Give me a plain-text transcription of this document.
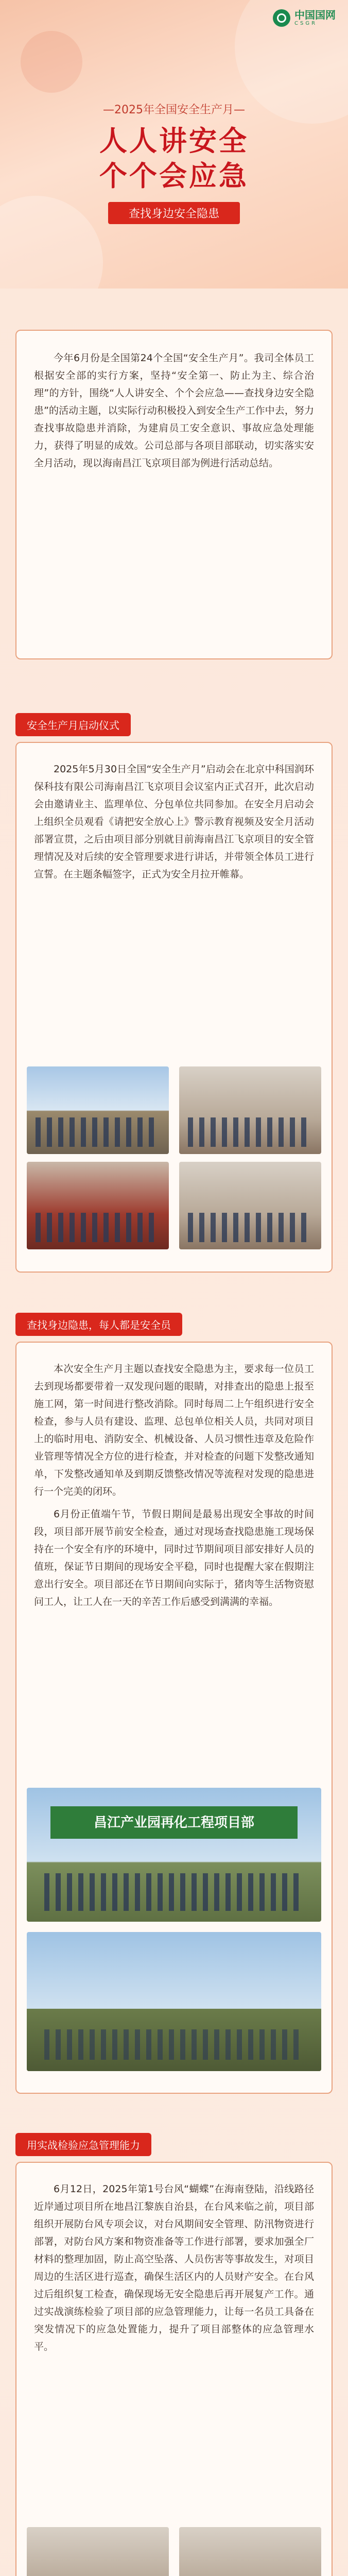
中国国网
CSGR
—2025年全国安全生产月—
人人讲安全
个个会应急
查找身边安全隐患

今年6月份是全国第24个全国“安全生产月”。我司全体员工根据安全部的实行方案，坚持“安全第一、防止为主、综合治理”的方针，围绕“人人讲安全、个个会应急——查找身边安全隐患”的活动主题，以实际行动积极投入到安全生产工作中去，努力查找事故隐患并消除，为建肩员工安全意识、事故应急处理能力，获得了明显的成效。公司总部与各项目部联动，切实落实安全月活动，现以海南昌江飞京项目部为例进行活动总结。

安全生产月启动仪式

2025年5月30日全国“安全生产月”启动会在北京中科国润环保科技有限公司海南昌江飞京项目会议室内正式召开，此次启动会由邀请业主、监理单位、分包单位共同参加。在安全月启动会上组织全员观看《请把安全放心上》警示教育视频及安全月活动部署宣贯，之后由项目部分别就目前海南昌江飞京项目的安全管理情况及对后续的安全管理要求进行讲话，并带领全体员工进行宣誓。在主题条幅签字，正式为安全月拉开帷幕。

查找身边隐患，每人都是安全员

本次安全生产月主题以查找安全隐患为主，要求每一位员工去到现场都要带着一双发现问题的眼睛，对排查出的隐患上报至施工网，第一时间进行整改消除。同时每周二上午组织进行安全检查，参与人员有建设、监理、总包单位相关人员，共同对项目上的临时用电、消防安全、机械设备、人员习惯性违章及危险作业管理等情况全方位的进行检查，并对检查的问题下发整改通知单，下发整改通知单及到期反馈整改情况等流程对发现的隐患进行一个完美的闭环。

6月份正值端午节，节假日期间是最易出现安全事故的时间段，项目部开展节前安全检查，通过对现场查找隐患施工现场保持在一个安全有序的环境中，同时过节期间项目部安排好人员的值班，保证节日期间的现场安全平稳，同时也提醒大家在假期注意出行安全。项目部还在节日期间向实际于，猪肉等生活物资慰问工人，让工人在一天的辛苦工作后感受到满满的幸福。

昌江产业园再化工程项目部
用实战检验应急管理能力

6月12日，2025年第1号台风“蝴蝶”在海南登陆，沿线路径近岸通过项目所在地昌江黎族自治县，在台风来临之前，项目部组织开展防台风专项会议，对台风期间安全管理、防汛物资进行部署，对防台风方案和物资准备等工作进行部署，要求加强全厂材料的整理加固，防止高空坠落、人员伤害等事故发生，对项目周边的生活区进行巡查，确保生活区内的人员财产安全。在台风过后组织复工检查，确保现场无安全隐患后再开展复产工作。通过实战演练检验了项目部的应急管理能力，让每一名员工具备在突发情况下的应急处置能力，提升了项目部整体的应急管理水平。
